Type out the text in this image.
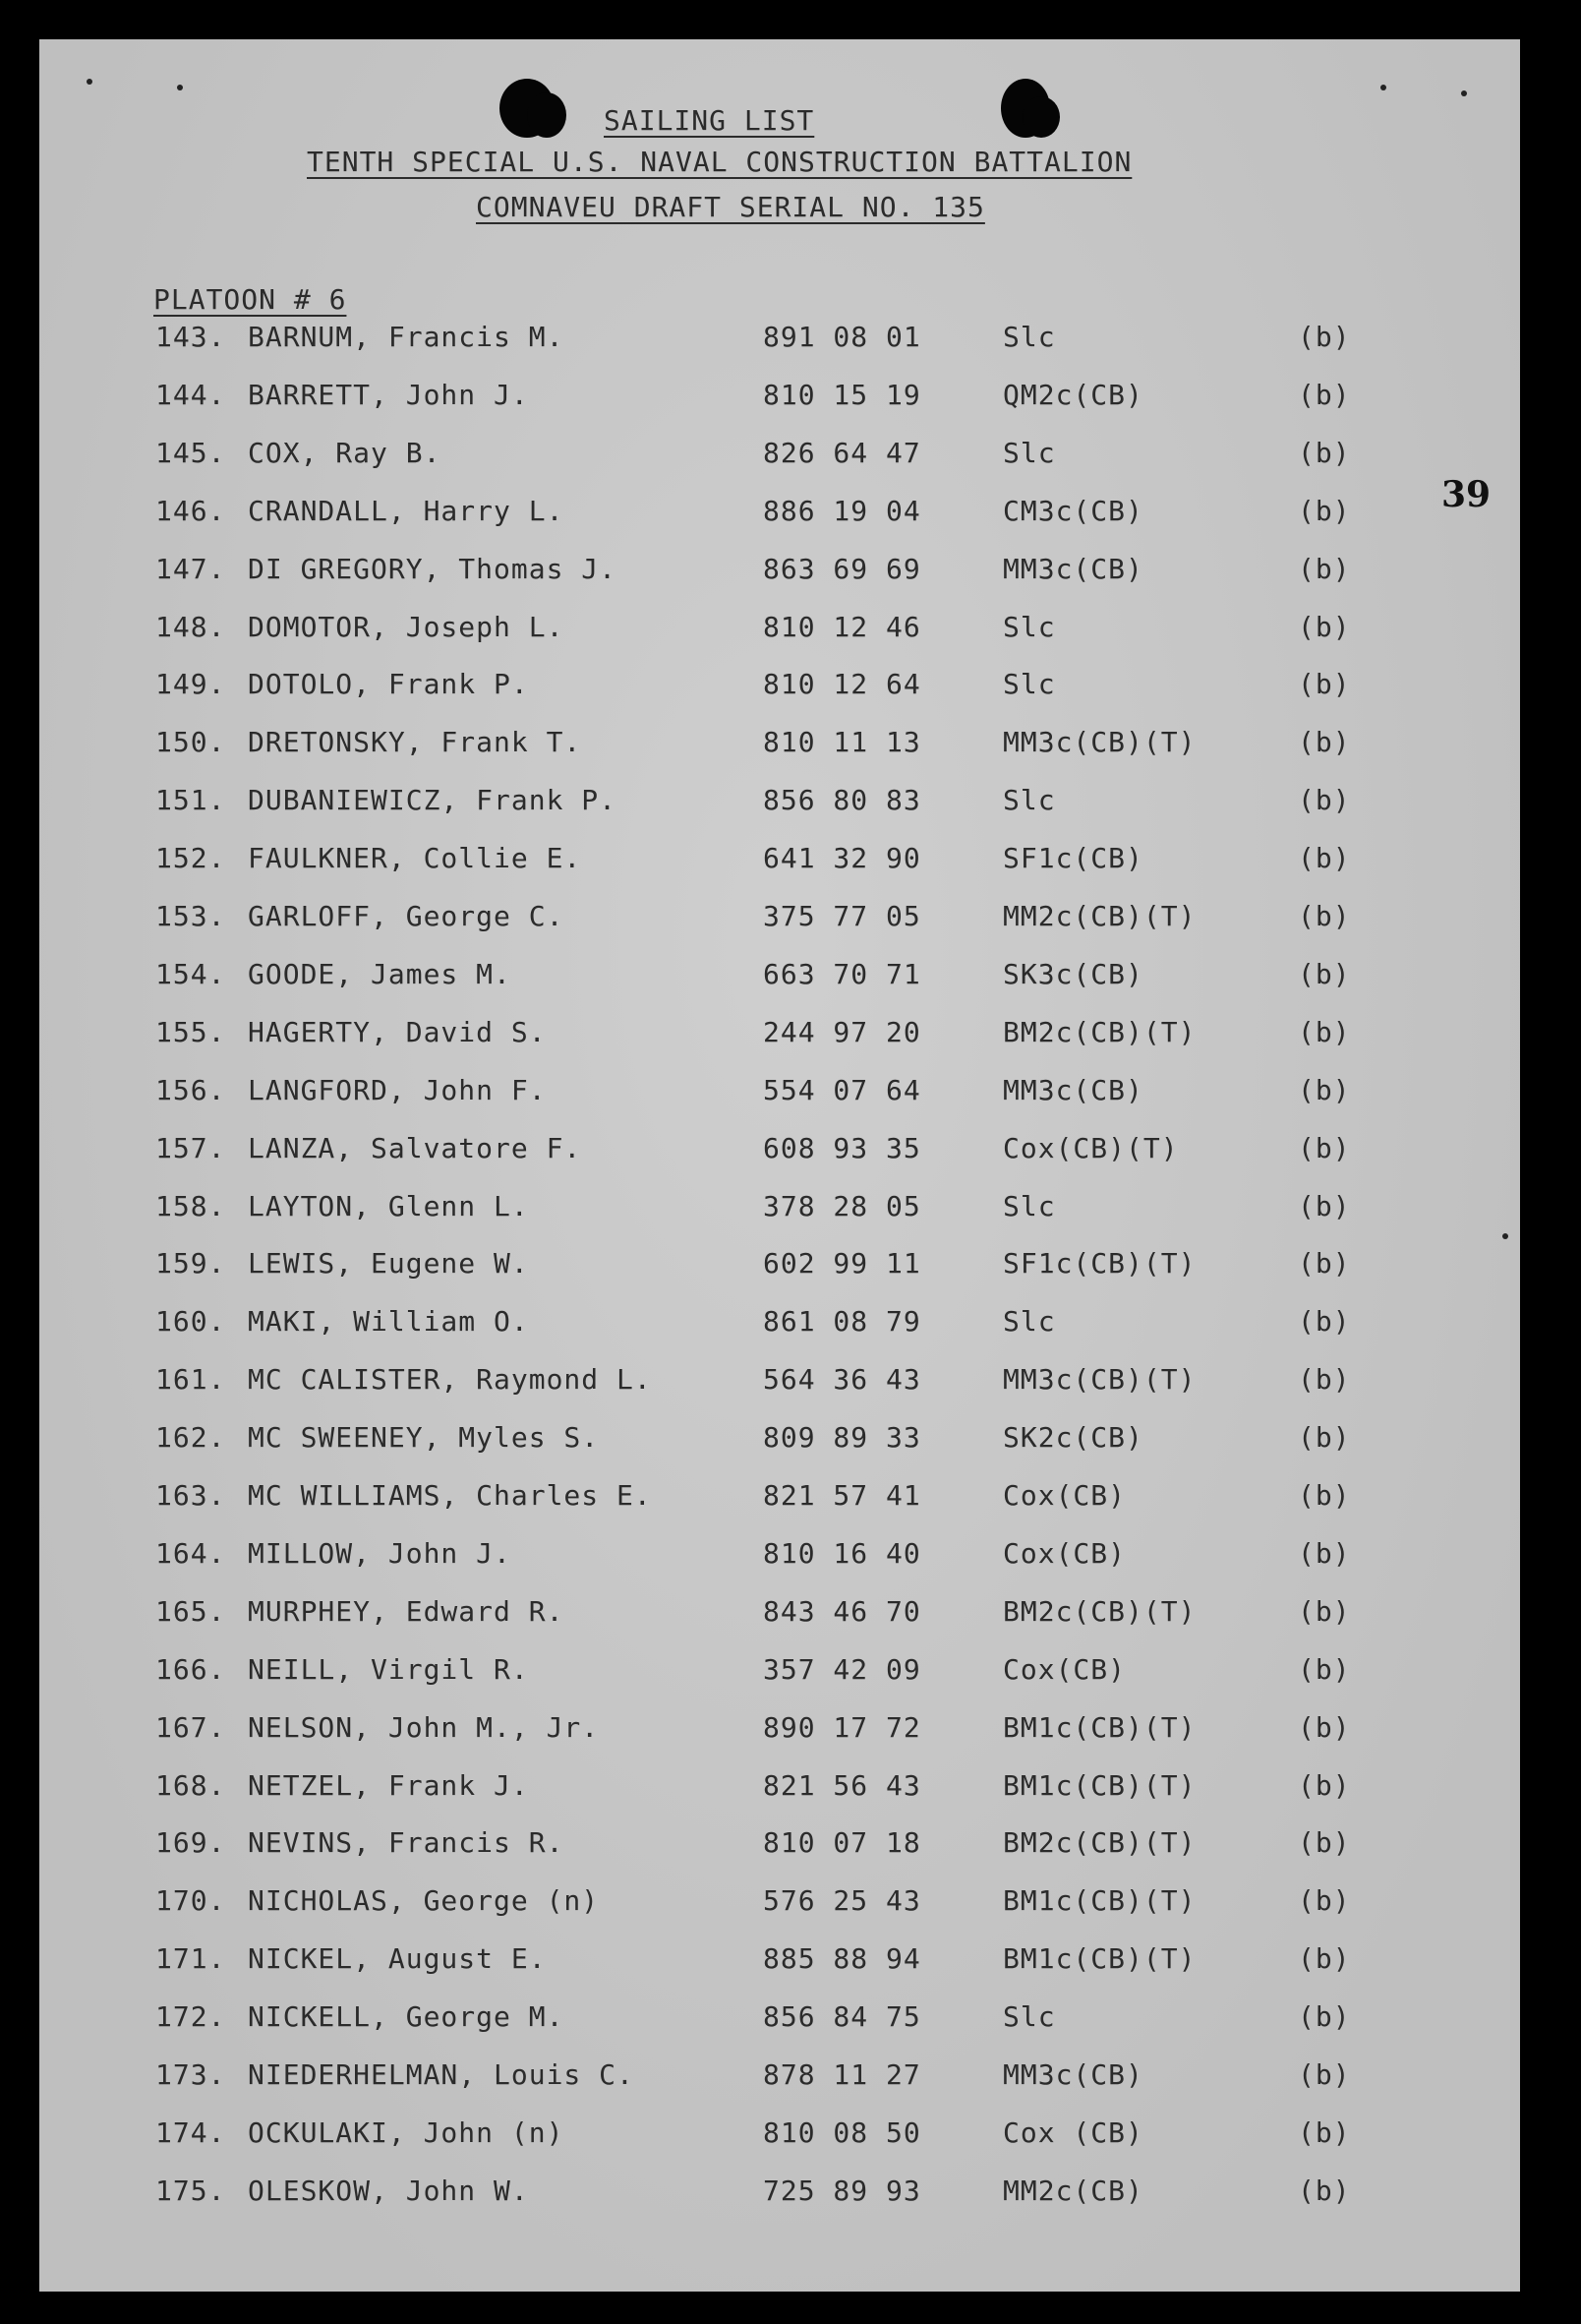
SAILING LIST
TENTH SPECIAL U.S. NAVAL CONSTRUCTION BATTALION
COMNAVEU DRAFT SERIAL NO. 135
39
PLATOON # 6
143. BARNUM, Francis M.	891 08 01	Slc	(b)
144. BARRETT, John J.	810 15 19	QM2c(CB)	(b)
145. COX, Ray B.	826 64 47	Slc	(b)
146. CRANDALL, Harry L.	886 19 04	CM3c(CB)	(b)
147. DI GREGORY, Thomas J.	863 69 69	MM3c(CB)	(b)
148. DOMOTOR, Joseph L.	810 12 46	Slc	(b)
149. DOTOLO, Frank P.	810 12 64	Slc	(b)
150. DRETONSKY, Frank T.	810 11 13	MM3c(CB)(T)	(b)
151. DUBANIEWICZ, Frank P.	856 80 83	Slc	(b)
152. FAULKNER, Collie E.	641 32 90	SF1c(CB)	(b)
153. GARLOFF, George C.	375 77 05	MM2c(CB)(T)	(b)
154. GOODE, James M.	663 70 71	SK3c(CB)	(b)
155. HAGERTY, David S.	244 97 20	BM2c(CB)(T)	(b)
156. LANGFORD, John F.	554 07 64	MM3c(CB)	(b)
157. LANZA, Salvatore F.	608 93 35	Cox(CB)(T)	(b)
158. LAYTON, Glenn L.	378 28 05	Slc	(b)
159. LEWIS, Eugene W.	602 99 11	SF1c(CB)(T)	(b)
160. MAKI, William O.	861 08 79	Slc	(b)
161. MC CALISTER, Raymond L.	564 36 43	MM3c(CB)(T)	(b)
162. MC SWEENEY, Myles S.	809 89 33	SK2c(CB)	(b)
163. MC WILLIAMS, Charles E.	821 57 41	Cox(CB)	(b)
164. MILLOW, John J.	810 16 40	Cox(CB)	(b)
165. MURPHEY, Edward R.	843 46 70	BM2c(CB)(T)	(b)
166. NEILL, Virgil R.	357 42 09	Cox(CB)	(b)
167. NELSON, John M., Jr.	890 17 72	BM1c(CB)(T)	(b)
168. NETZEL, Frank J.	821 56 43	BM1c(CB)(T)	(b)
169. NEVINS, Francis R.	810 07 18	BM2c(CB)(T)	(b)
170. NICHOLAS, George (n)	576 25 43	BM1c(CB)(T)	(b)
171. NICKEL, August E.	885 88 94	BM1c(CB)(T)	(b)
172. NICKELL, George M.	856 84 75	Slc	(b)
173. NIEDERHELMAN, Louis C.	878 11 27	MM3c(CB)	(b)
174. OCKULAKI, John (n)	810 08 50	Cox (CB)	(b)
175. OLESKOW, John W.	725 89 93	MM2c(CB)	(b)
